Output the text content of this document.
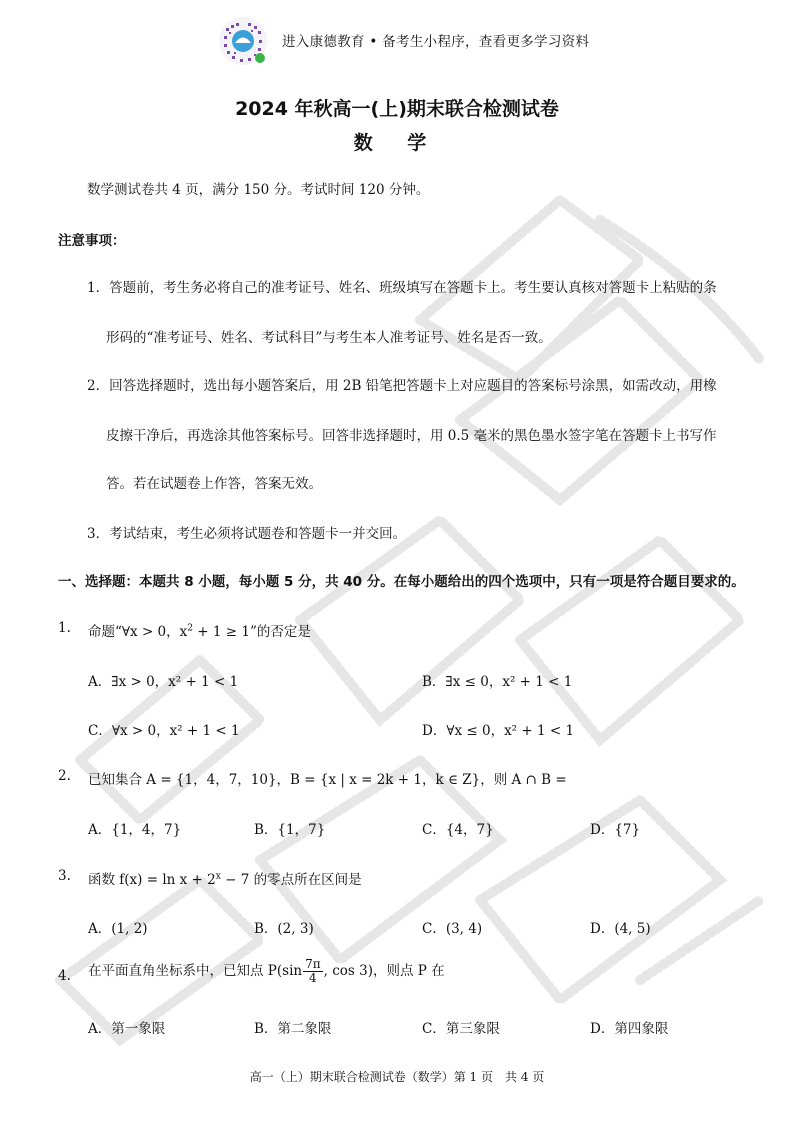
进入康德教育 • 备考生小程序，查看更多学习资料
2024 年秋高一(上)期末联合检测试卷
数 学
数学测试卷共 4 页，满分 150 分。考试时间 120 分钟。
注意事项：
1．答题前，考生务必将自己的准考证号、姓名、班级填写在答题卡上。考生要认真核对答题卡上粘贴的条
形码的“准考证号、姓名、考试科目”与考生本人准考证号、姓名是否一致。
2．回答选择题时，选出每小题答案后，用 2B 铅笔把答题卡上对应题目的答案标号涂黑，如需改动，用橡
皮擦干净后，再选涂其他答案标号。回答非选择题时，用 0.5 毫米的黑色墨水签字笔在答题卡上书写作
答。若在试题卷上作答，答案无效。
3．考试结束，考生必须将试题卷和答题卡一并交回。
一、选择题：本题共 8 小题，每小题 5 分，共 40 分。在每小题给出的四个选项中，只有一项是符合题目要求的。
1. 命题“∀x > 0，$x^2 + 1 \ge 1$”的否定是
A．∃x > 0，x² + 1 < 1	B．∃x ≤ 0，x² + 1 < 1
C．∀x > 0，x² + 1 < 1	D．∀x ≤ 0，x² + 1 < 1
2. 已知集合 A = {1，4，7，10}，B = {x | x = 2k + 1，k ∈ Z}，则 A ∩ B =
A．{1，4，7}	B．{1，7}	C．{4，7}	D．{7}
3. 函数 $f(x) = \ln x + 2^x - 7$ 的零点所在区间是
A．(1, 2)	B．(2, 3)	C．(3, 4)	D．(4, 5)
4. 在平面直角坐标系中，已知点 $P(\sin \frac{7\pi}{4}$ , cos 3)，则点 P 在
A．第一象限	B．第二象限	C．第三象限	D．第四象限
高一（上）期末联合检测试卷（数学）第 1 页　共 4 页
